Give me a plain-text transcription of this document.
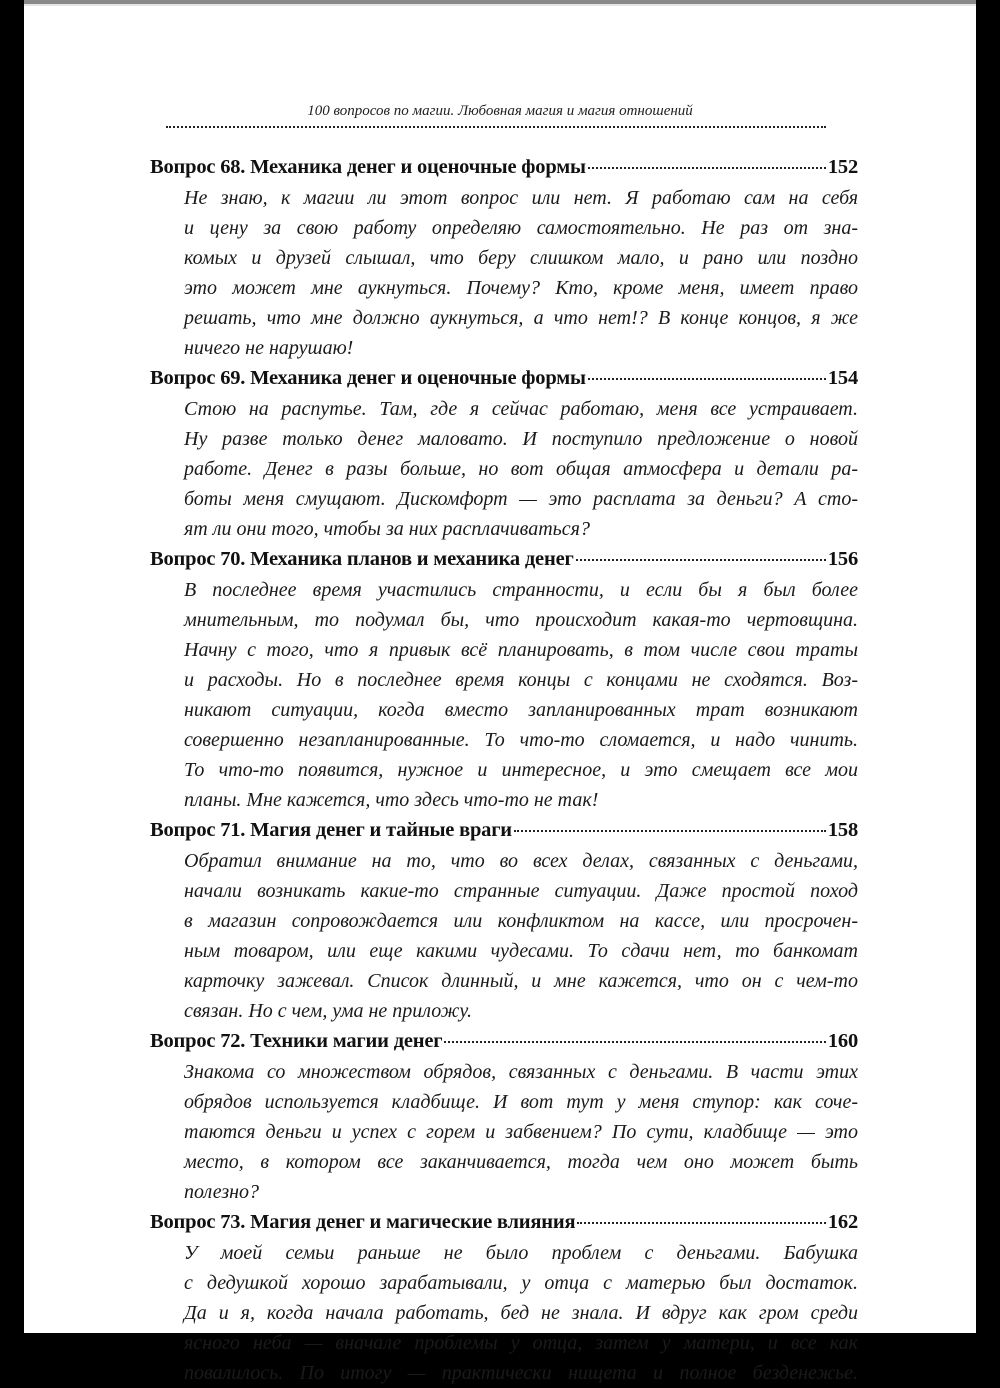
100 вопросов по магии. Любовная магия и магия отношений
Вопрос 68. Механика денег и оценочные формы	152
Не знаю, к магии ли этот вопрос или нет. Я работаю сам на себя
и цену за свою работу определяю самостоятельно. Не раз от зна-
комых и друзей слышал, что беру слишком мало, и рано или поздно
это может мне аукнуться. Почему? Кто, кроме меня, имеет право
решать, что мне должно аукнуться, а что нет!? В конце концов, я же
ничего не нарушаю!
Вопрос 69. Механика денег и оценочные формы	154
Стою на распутье. Там, где я сейчас работаю, меня все устраивает.
Ну разве только денег маловато. И поступило предложение о новой
работе. Денег в разы больше, но вот общая атмосфера и детали ра-
боты меня смущают. Дискомфорт — это расплата за деньги? А сто-
ят ли они того, чтобы за них расплачиваться?
Вопрос 70. Механика планов и механика денег	156
В последнее время участились странности, и если бы я был более
мнительным, то подумал бы, что происходит какая-то чертовщина.
Начну с того, что я привык всё планировать, в том числе свои траты
и расходы. Но в последнее время концы с концами не сходятся. Воз-
никают ситуации, когда вместо запланированных трат возникают
совершенно незапланированные. То что-то сломается, и надо чинить.
То что-то появится, нужное и интересное, и это смещает все мои
планы. Мне кажется, что здесь что-то не так!
Вопрос 71. Магия денег и тайные враги	158
Обратил внимание на то, что во всех делах, связанных с деньгами,
начали возникать какие-то странные ситуации. Даже простой поход
в магазин сопровождается или конфликтом на кассе, или просрочен-
ным товаром, или еще какими чудесами. То сдачи нет, то банкомат
карточку зажевал. Список длинный, и мне кажется, что он с чем-то
связан. Но с чем, ума не приложу.
Вопрос 72. Техники магии денег	160
Знакома со множеством обрядов, связанных с деньгами. В части этих
обрядов используется кладбище. И вот тут у меня ступор: как соче-
таются деньги и успех с горем и забвением? По сути, кладбище — это
место, в котором все заканчивается, тогда чем оно может быть
полезно?
Вопрос 73. Магия денег и магические влияния	162
У моей семьи раньше не было проблем с деньгами. Бабушка
с дедушкой хорошо зарабатывали, у отца с матерью был достаток.
Да и я, когда начала работать, бед не знала. И вдруг как гром среди
ясного неба — вначале проблемы у отца, затем у матери, и все как
повалилось. По итогу — практически нищета и полное безденежье.
